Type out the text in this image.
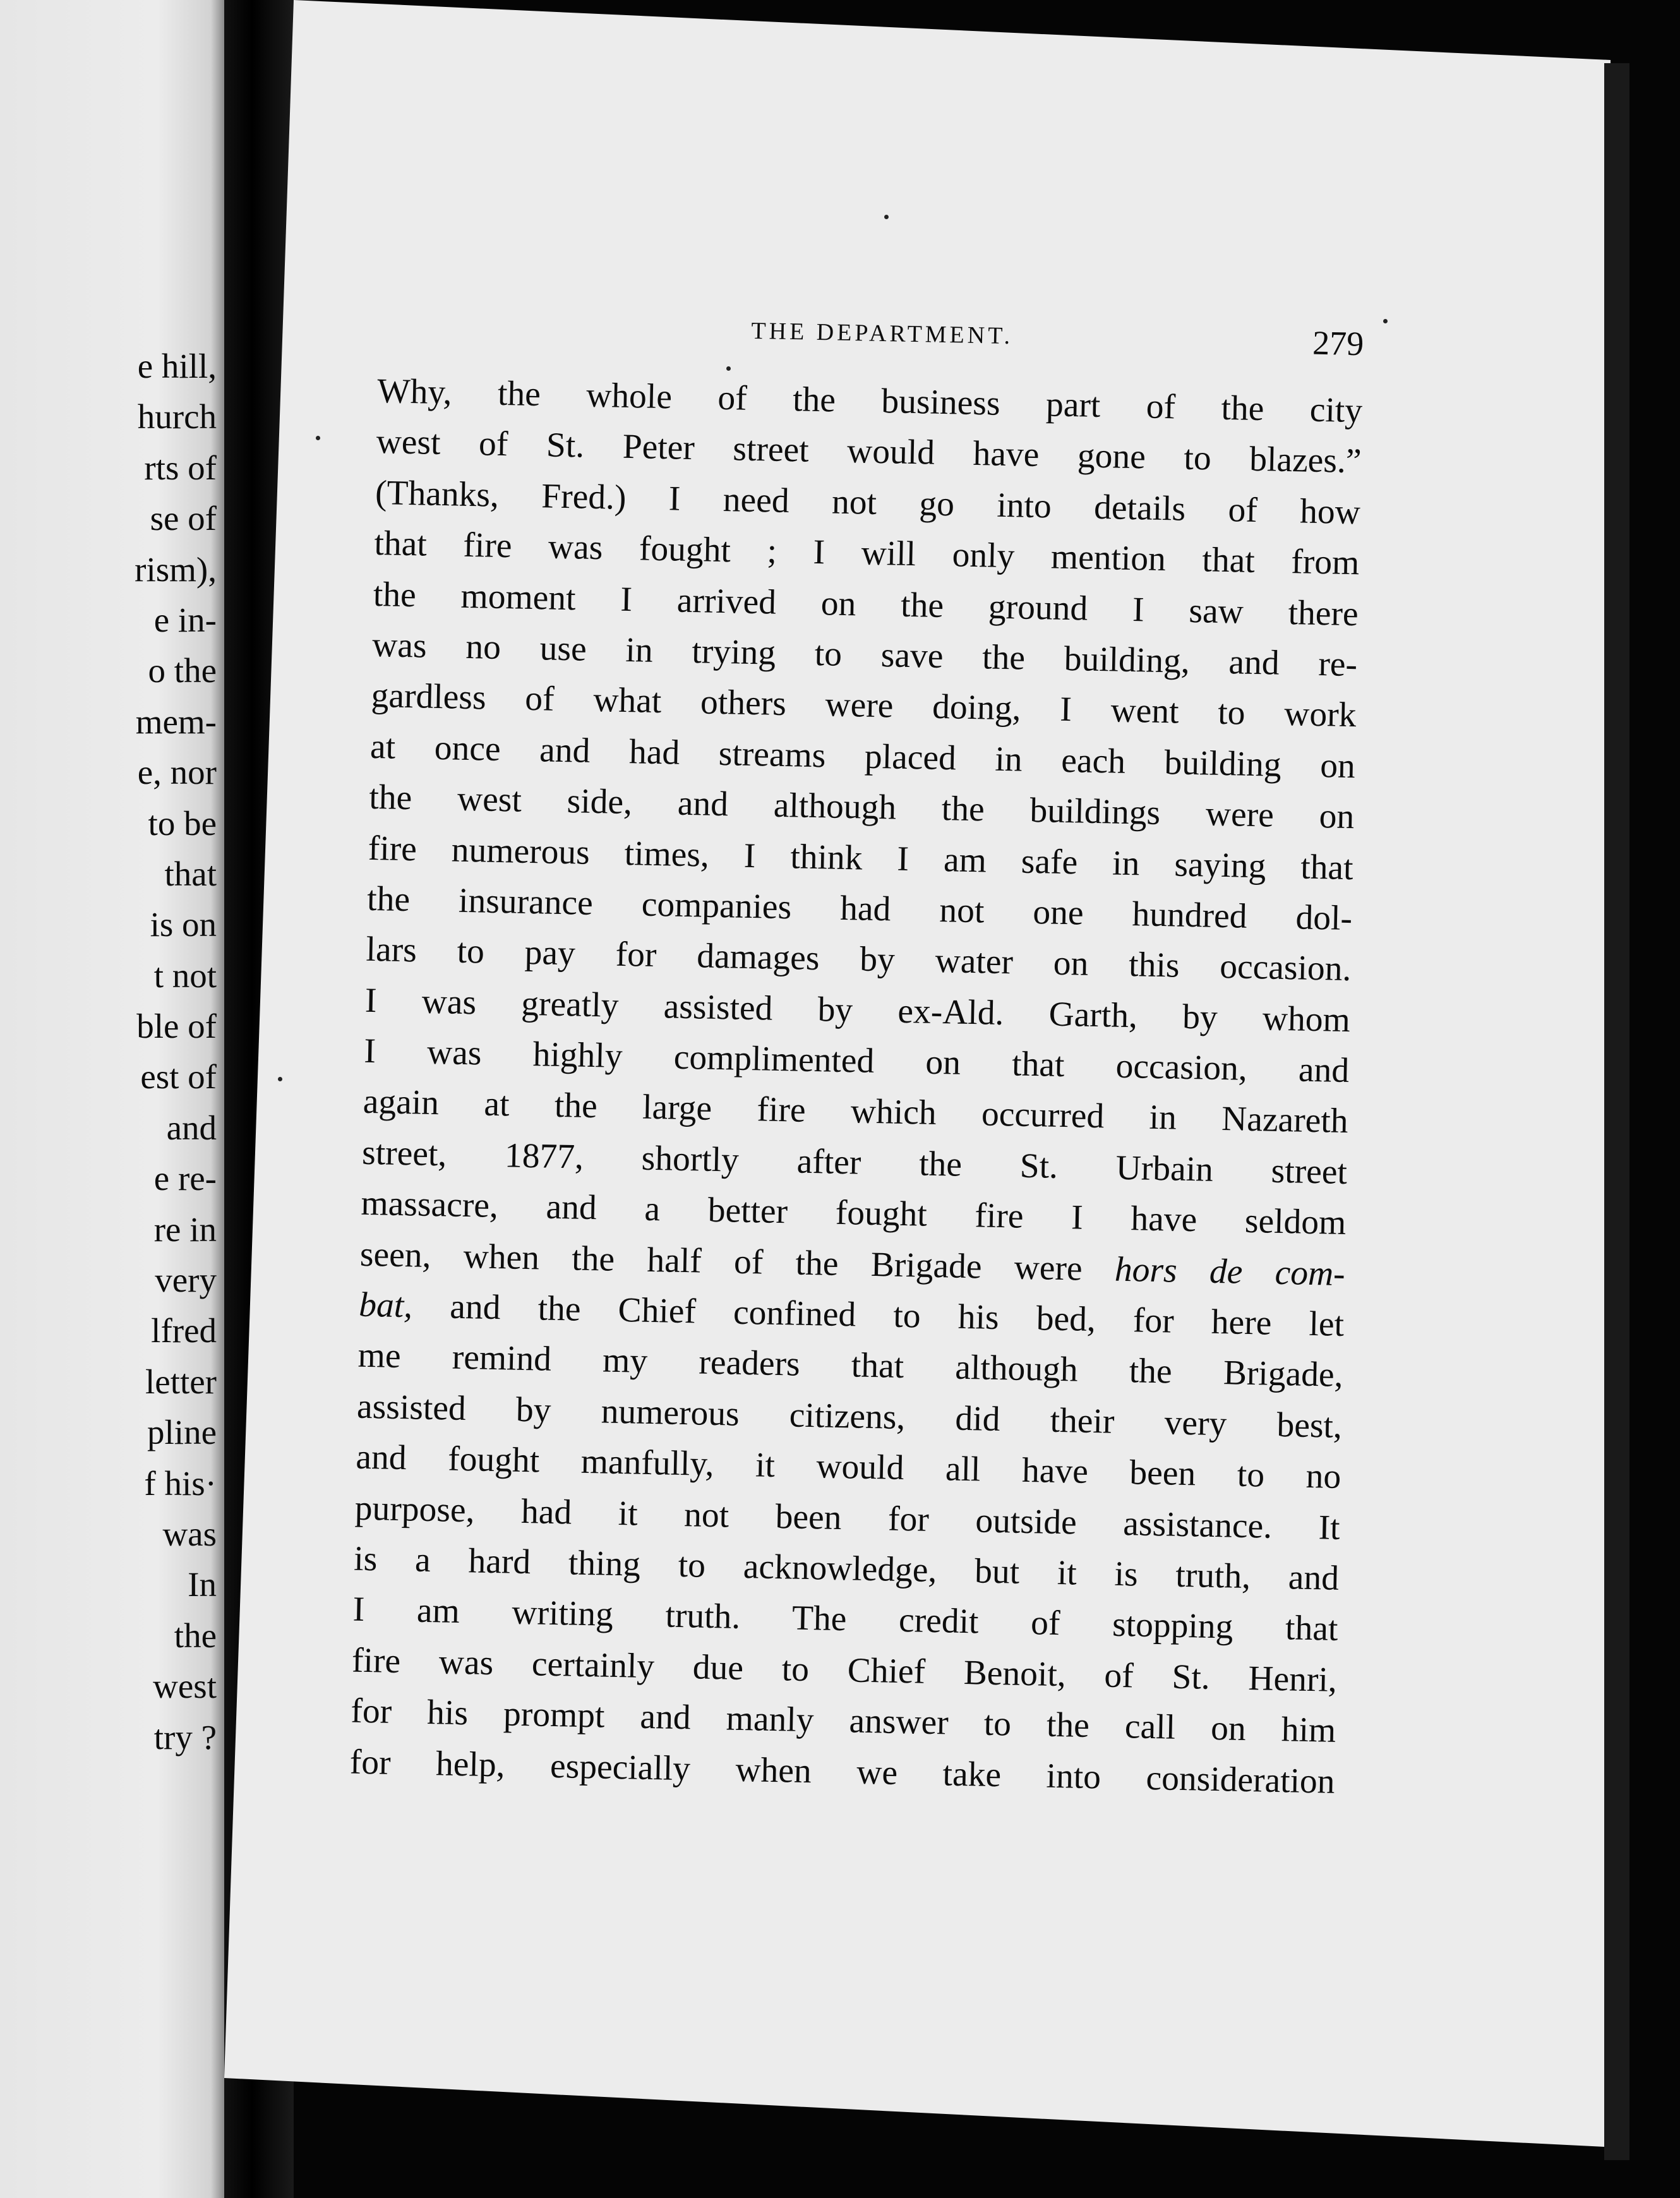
e hill,
hurch
rts of
se of
rism),
e in-
o the
mem-
e, nor
to be
that
is on
t not
ble of
est of
and
e re-
re in
very
lfred
letter
pline
f his·
was
In
the
west
try ?
THE DEPARTMENT.	279
Why, the whole of the business part of the city
west of St. Peter street would have gone to blazes.”
(Thanks, Fred.) I need not go into details of how
that fire was fought ; I will only mention that from
the moment I arrived on the ground I saw there
was no use in trying to save the building, and re-
gardless of what others were doing, I went to work
at once and had streams placed in each building on
the west side, and although the buildings were on
fire numerous times, I think I am safe in saying that
the insurance companies had not one hundred dol-
lars to pay for damages by water on this occasion.
I was greatly assisted by ex-Ald. Garth, by whom
I was highly complimented on that occasion, and
again at the large fire which occurred in Nazareth
street, 1877, shortly after the St. Urbain street
massacre, and a better fought fire I have seldom
seen, when the half of the Brigade were hors de com-
bat, and the Chief confined to his bed, for here let
me remind my readers that although the Brigade,
assisted by numerous citizens, did their very best,
and fought manfully, it would all have been to no
purpose, had it not been for outside assistance. It
is a hard thing to acknowledge, but it is truth, and
I am writing truth. The credit of stopping that
fire was certainly due to Chief Benoit, of St. Henri,
for his prompt and manly answer to the call on him
for help, especially when we take into consideration
